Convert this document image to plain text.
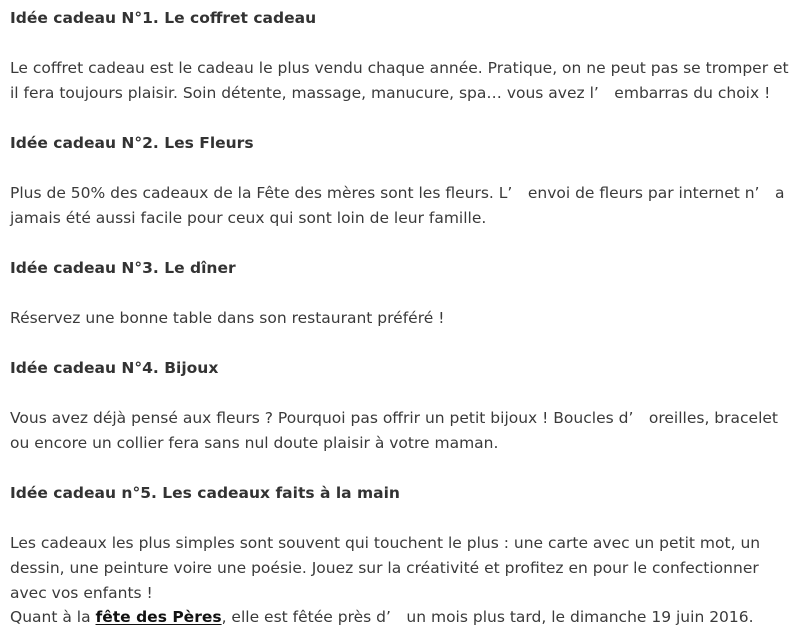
Idée cadeau N°1. Le coffret cadeau

Le coffret cadeau est le cadeau le plus vendu chaque année. Pratique, on ne peut pas se tromper et il fera toujours plaisir. Soin détente, massage, manucure, spa… vous avez l’　embarras du choix !

Idée cadeau N°2. Les Fleurs

Plus de 50% des cadeaux de la Fête des mères sont les fleurs. L’　envoi de fleurs par internet n’　a jamais été aussi facile pour ceux qui sont loin de leur famille.

Idée cadeau N°3. Le dîner

Réservez une bonne table dans son restaurant préféré !

Idée cadeau N°4. Bijoux

Vous avez déjà pensé aux fleurs ? Pourquoi pas offrir un petit bijoux ! Boucles d’　oreilles, bracelet ou encore un collier fera sans nul doute plaisir à votre maman.

Idée cadeau n°5. Les cadeaux faits à la main

Les cadeaux les plus simples sont souvent qui touchent le plus : une carte avec un petit mot, un dessin, une peinture voire une poésie. Jouez sur la créativité et profitez en pour le confectionner avec vos enfants !

Quant à la fête des Pères, elle est fêtée près d’　un mois plus tard, le dimanche 19 juin 2016.
